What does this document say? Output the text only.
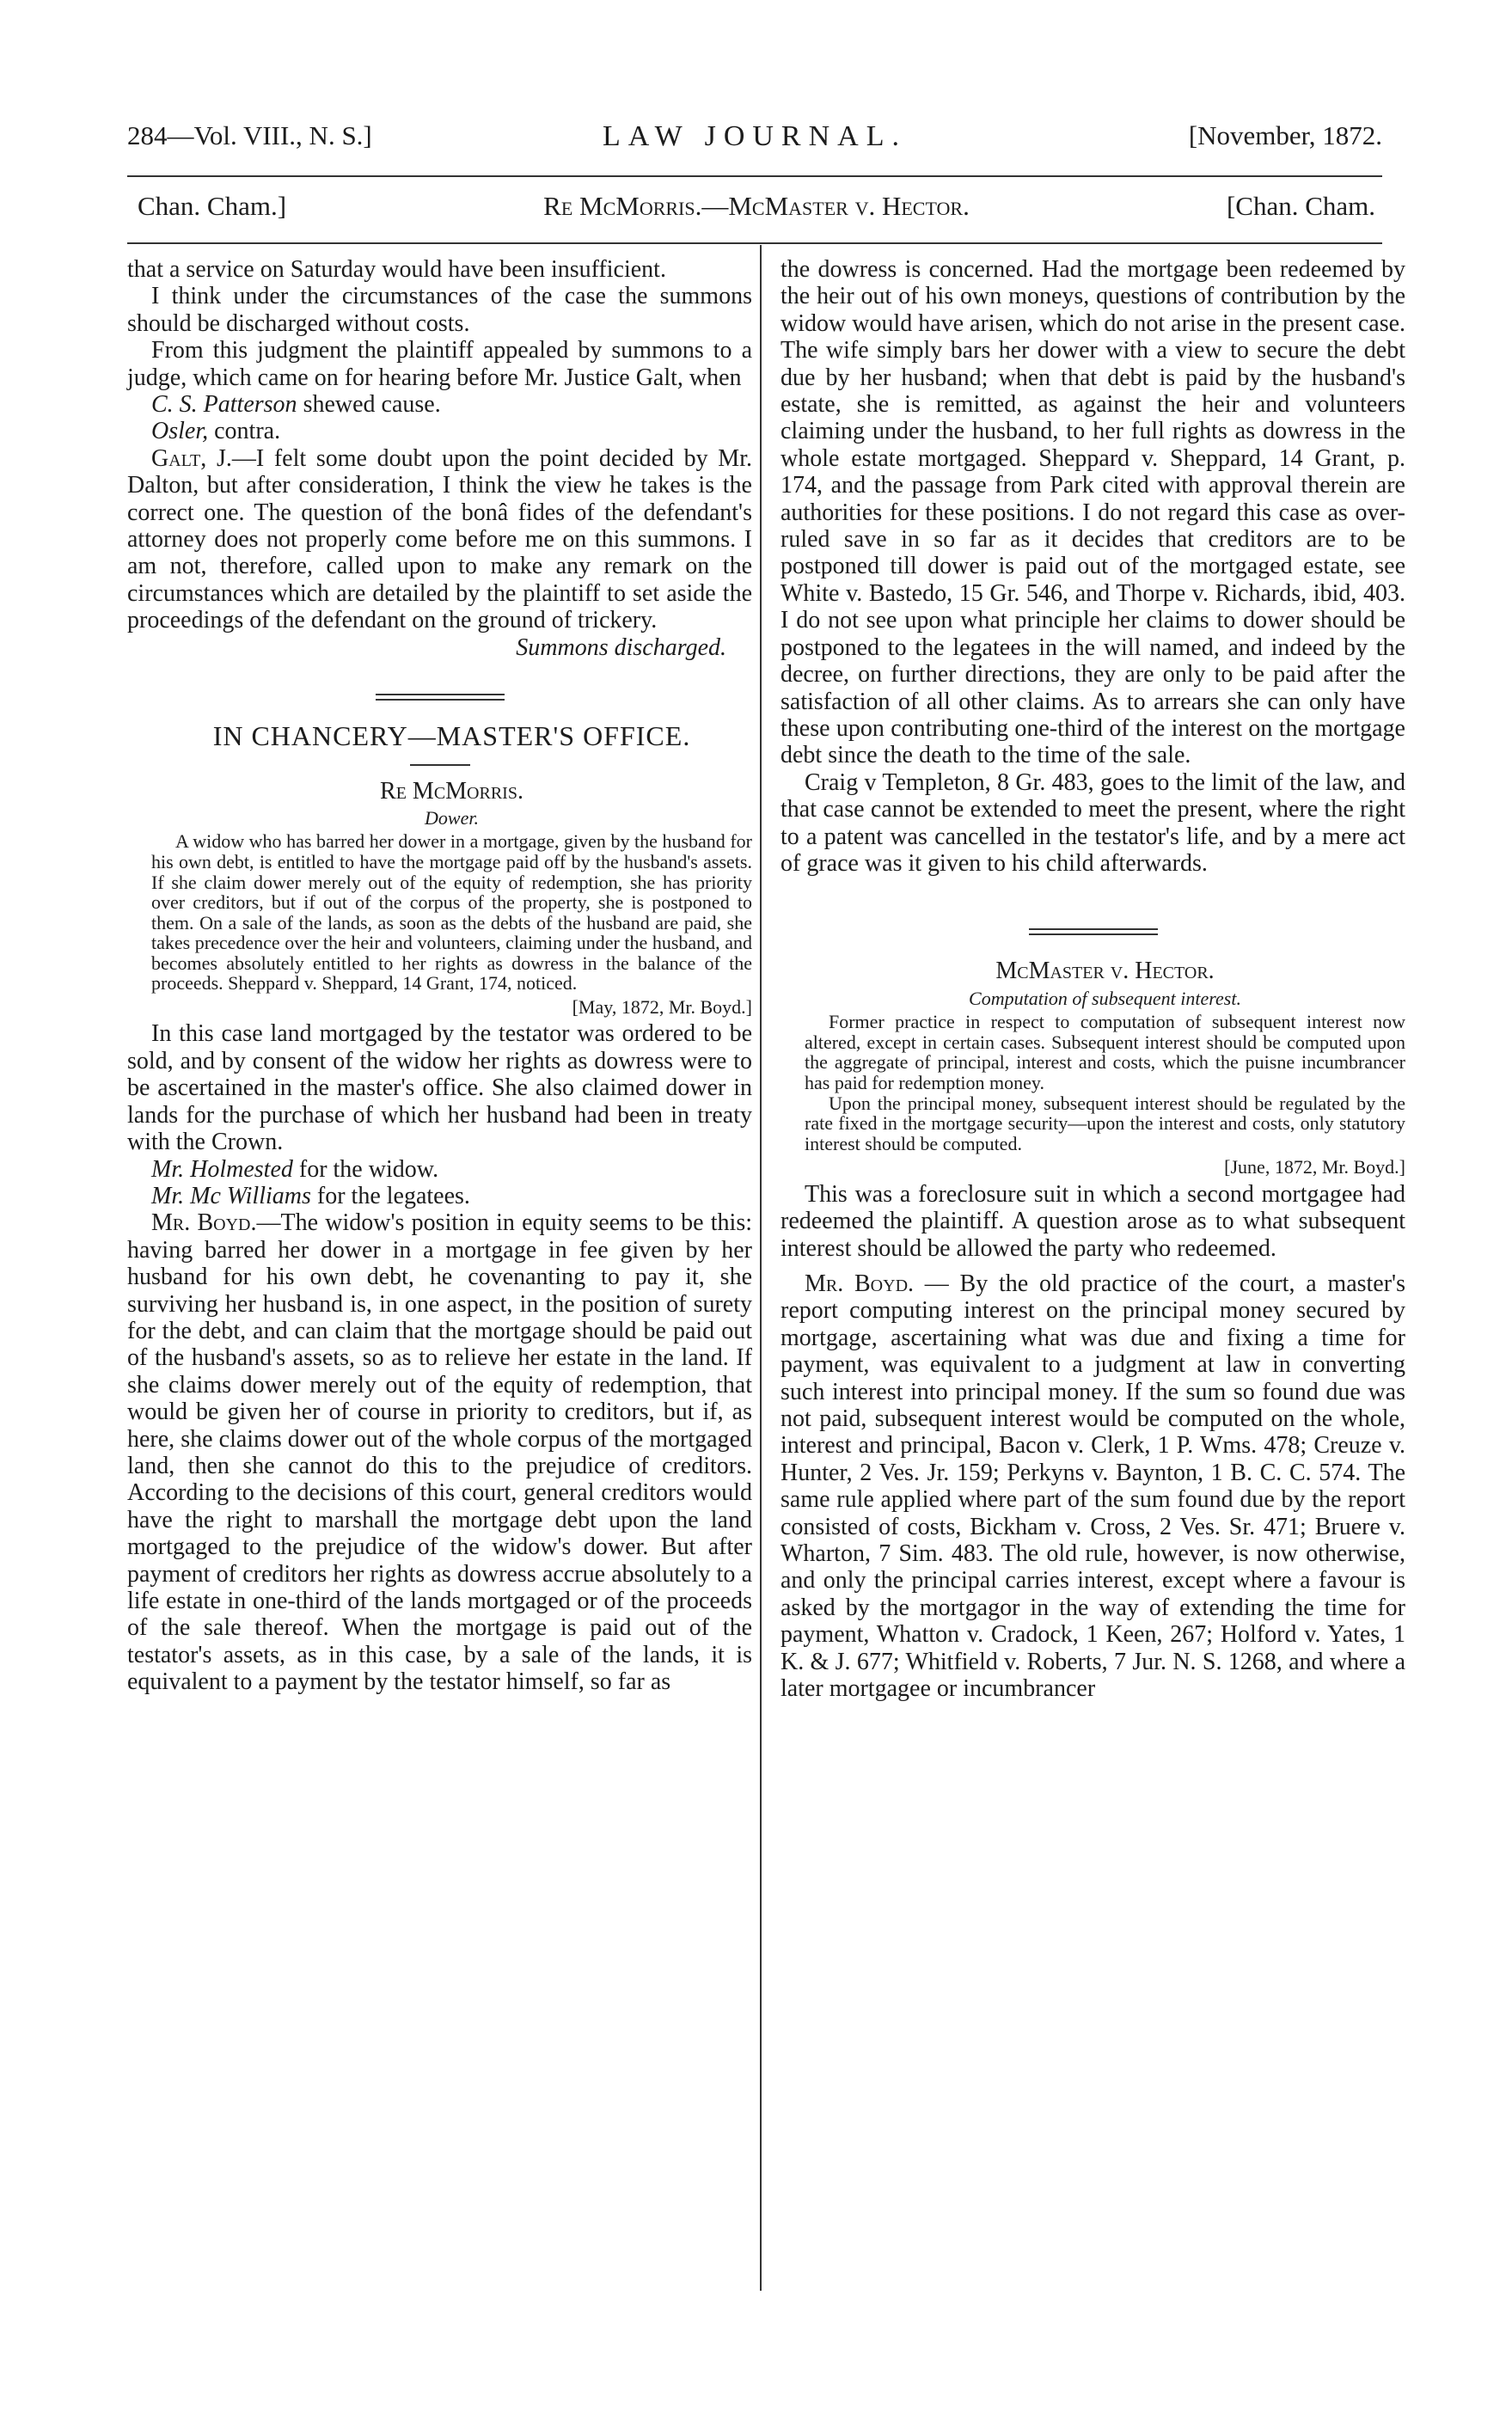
284—Vol. VIII., N. S.]	LAW JOURNAL.	[November, 1872.
Chan. Cham.]	Re McMorris.—McMaster v. Hector.	[Chan. Cham.

that a service on Saturday would have been insufficient.

I think under the circumstances of the case the summons should be discharged without costs.

From this judgment the plaintiff appealed by summons to a judge, which came on for hearing before Mr. Justice Galt, when

C. S. Patterson shewed cause.

Osler, contra.

Galt, J.—I felt some doubt upon the point decided by Mr. Dalton, but after consideration, I think the view he takes is the correct one. The question of the bonâ fides of the defendant's attorney does not properly come before me on this summons. I am not, therefore, called upon to make any remark on the circumstances which are detailed by the plaintiff to set aside the proceedings of the defendant on the ground of trickery.

Summons discharged.

IN CHANCERY—MASTER'S OFFICE.

Re McMorris.

Dower.

A widow who has barred her dower in a mortgage, given by the husband for his own debt, is entitled to have the mortgage paid off by the husband's assets. If she claim dower merely out of the equity of redemption, she has priority over creditors, but if out of the corpus of the property, she is postponed to them. On a sale of the lands, as soon as the debts of the husband are paid, she takes precedence over the heir and volunteers, claiming under the husband, and becomes absolutely entitled to her rights as dowress in the balance of the proceeds. Sheppard v. Sheppard, 14 Grant, 174, noticed.

[May, 1872, Mr. Boyd.]

In this case land mortgaged by the testator was ordered to be sold, and by consent of the widow her rights as dowress were to be ascertained in the master's office. She also claimed dower in lands for the purchase of which her husband had been in treaty with the Crown.

Mr. Holmested for the widow.

Mr. Mc Williams for the legatees.

Mr. Boyd.—The widow's position in equity seems to be this: having barred her dower in a mortgage in fee given by her husband for his own debt, he covenanting to pay it, she surviving her husband is, in one aspect, in the position of surety for the debt, and can claim that the mortgage should be paid out of the husband's assets, so as to relieve her estate in the land. If she claims dower merely out of the equity of redemption, that would be given her of course in priority to creditors, but if, as here, she claims dower out of the whole corpus of the mortgaged land, then she cannot do this to the prejudice of creditors. According to the decisions of this court, general creditors would have the right to marshall the mortgage debt upon the land mortgaged to the prejudice of the widow's dower. But after payment of creditors her rights as dowress accrue absolutely to a life estate in one-third of the lands mortgaged or of the proceeds of the sale thereof. When the mortgage is paid out of the testator's assets, as in this case, by a sale of the lands, it is equivalent to a payment by the testator himself, so far as

the dowress is concerned. Had the mortgage been redeemed by the heir out of his own moneys, questions of contribution by the widow would have arisen, which do not arise in the present case. The wife simply bars her dower with a view to secure the debt due by her husband; when that debt is paid by the husband's estate, she is remitted, as against the heir and volunteers claiming under the husband, to her full rights as dowress in the whole estate mortgaged. Sheppard v. Sheppard, 14 Grant, p. 174, and the passage from Park cited with approval therein are authorities for these positions. I do not regard this case as over-ruled save in so far as it decides that creditors are to be postponed till dower is paid out of the mortgaged estate, see White v. Bastedo, 15 Gr. 546, and Thorpe v. Richards, ibid, 403. I do not see upon what principle her claims to dower should be postponed to the legatees in the will named, and indeed by the decree, on further directions, they are only to be paid after the satisfaction of all other claims. As to arrears she can only have these upon contributing one-third of the interest on the mortgage debt since the death to the time of the sale.

Craig v Templeton, 8 Gr. 483, goes to the limit of the law, and that case cannot be extended to meet the present, where the right to a patent was cancelled in the testator's life, and by a mere act of grace was it given to his child afterwards.

McMaster v. Hector.

Computation of subsequent interest.

Former practice in respect to computation of subsequent interest now altered, except in certain cases. Subsequent interest should be computed upon the aggregate of principal, interest and costs, which the puisne incumbrancer has paid for redemption money.

Upon the principal money, subsequent interest should be regulated by the rate fixed in the mortgage security—upon the interest and costs, only statutory interest should be computed.

[June, 1872, Mr. Boyd.]

This was a foreclosure suit in which a second mortgagee had redeemed the plaintiff. A question arose as to what subsequent interest should be allowed the party who redeemed.

Mr. Boyd. — By the old practice of the court, a master's report computing interest on the principal money secured by mortgage, ascertaining what was due and fixing a time for payment, was equivalent to a judgment at law in converting such interest into principal money. If the sum so found due was not paid, subsequent interest would be computed on the whole, interest and principal, Bacon v. Clerk, 1 P. Wms. 478; Creuze v. Hunter, 2 Ves. Jr. 159; Perkyns v. Baynton, 1 B. C. C. 574. The same rule applied where part of the sum found due by the report consisted of costs, Bickham v. Cross, 2 Ves. Sr. 471; Bruere v. Wharton, 7 Sim. 483. The old rule, however, is now otherwise, and only the principal carries interest, except where a favour is asked by the mortgagor in the way of extending the time for payment, Whatton v. Cradock, 1 Keen, 267; Holford v. Yates, 1 K. & J. 677; Whitfield v. Roberts, 7 Jur. N. S. 1268, and where a later mortgagee or incumbrancer
